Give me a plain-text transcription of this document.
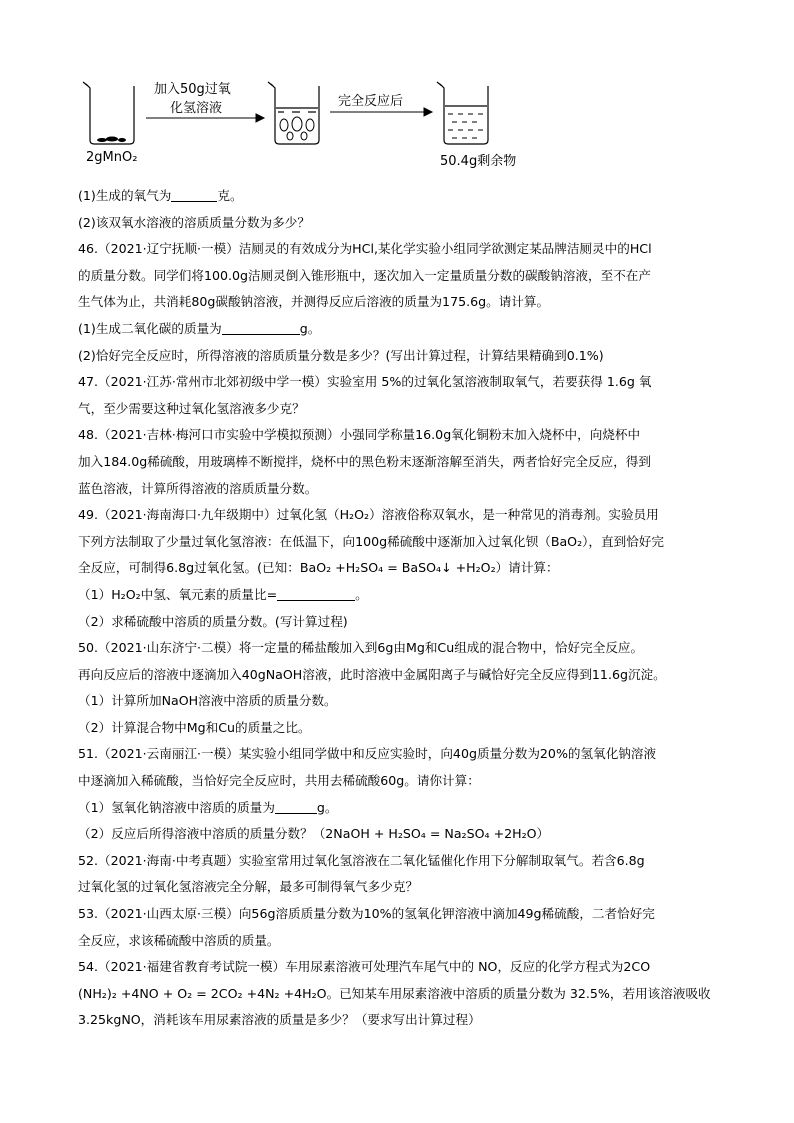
加入50g过氧
化氢溶液	完全反应后
2gMnO₂	50.4g剩余物

(1)生成的氧气为	克。

(2)该双氧水溶液的溶质质量分数为多少？

46.（2021·辽宁抚顺·一模）洁厕灵的有效成分为HCl,某化学实验小组同学欲测定某品牌洁厕灵中的HCl

的质量分数。同学们将100.0g洁厕灵倒入锥形瓶中，逐次加入一定量质量分数的碳酸钠溶液，至不在产

生气体为止，共消耗80g碳酸钠溶液，并测得反应后溶液的质量为175.6g。请计算。

(1)生成二氧化碳的质量为	g。

(2)恰好完全反应时，所得溶液的溶质质量分数是多少？(写出计算过程，计算结果精确到0.1%)

47.（2021·江苏·常州市北郊初级中学一模）实验室用 5%的过氧化氢溶液制取氧气，若要获得 1.6g 氧

气，至少需要这种过氧化氢溶液多少克？

48.（2021·吉林·梅河口市实验中学模拟预测）小强同学称量16.0g氧化铜粉末加入烧杯中，向烧杯中

加入184.0g稀硫酸，用玻璃棒不断搅拌，烧杯中的黑色粉末逐渐溶解至消失，两者恰好完全反应，得到

蓝色溶液，计算所得溶液的溶质质量分数。

49.（2021·海南海口·九年级期中）过氧化氢（H₂O₂）溶液俗称双氧水，是一种常见的消毒剂。实验员用

下列方法制取了少量过氧化氢溶液：在低温下，向100g稀硫酸中逐渐加入过氧化钡（BaO₂），直到恰好完

全反应，可制得6.8g过氧化氢。(已知：BaO₂ +H₂SO₄ = BaSO₄↓ +H₂O₂）请计算：

（1）H₂O₂中氢、氧元素的质量比=	。

（2）求稀硫酸中溶质的质量分数。(写计算过程)

50.（2021·山东济宁·二模）将一定量的稀盐酸加入到6g由Mg和Cu组成的混合物中，恰好完全反应。

再向反应后的溶液中逐滴加入40gNaOH溶液，此时溶液中金属阳离子与碱恰好完全反应得到11.6g沉淀。

（1）计算所加NaOH溶液中溶质的质量分数。

（2）计算混合物中Mg和Cu的质量之比。

51.（2021·云南丽江·一模）某实验小组同学做中和反应实验时，向40g质量分数为20%的氢氧化钠溶液

中逐滴加入稀硫酸，当恰好完全反应时，共用去稀硫酸60g。请你计算：

（1）氢氧化钠溶液中溶质的质量为	g。

（2）反应后所得溶液中溶质的质量分数？（2NaOH + H₂SO₄ = Na₂SO₄ +2H₂O）

52.（2021·海南·中考真题）实验室常用过氧化氢溶液在二氧化锰催化作用下分解制取氧气。若含6.8g

过氧化氢的过氧化氢溶液完全分解，最多可制得氧气多少克？

53.（2021·山西太原·三模）向56g溶质质量分数为10%的氢氧化钾溶液中滴加49g稀硫酸，二者恰好完

全反应，求该稀硫酸中溶质的质量。

54.（2021·福建省教育考试院一模）车用尿素溶液可处理汽车尾气中的 NO，反应的化学方程式为2CO

(NH₂)₂ +4NO + O₂ = 2CO₂ +4N₂ +4H₂O。已知某车用尿素溶液中溶质的质量分数为 32.5%，若用该溶液吸收

3.25kgNO，消耗该车用尿素溶液的质量是多少？（要求写出计算过程）
